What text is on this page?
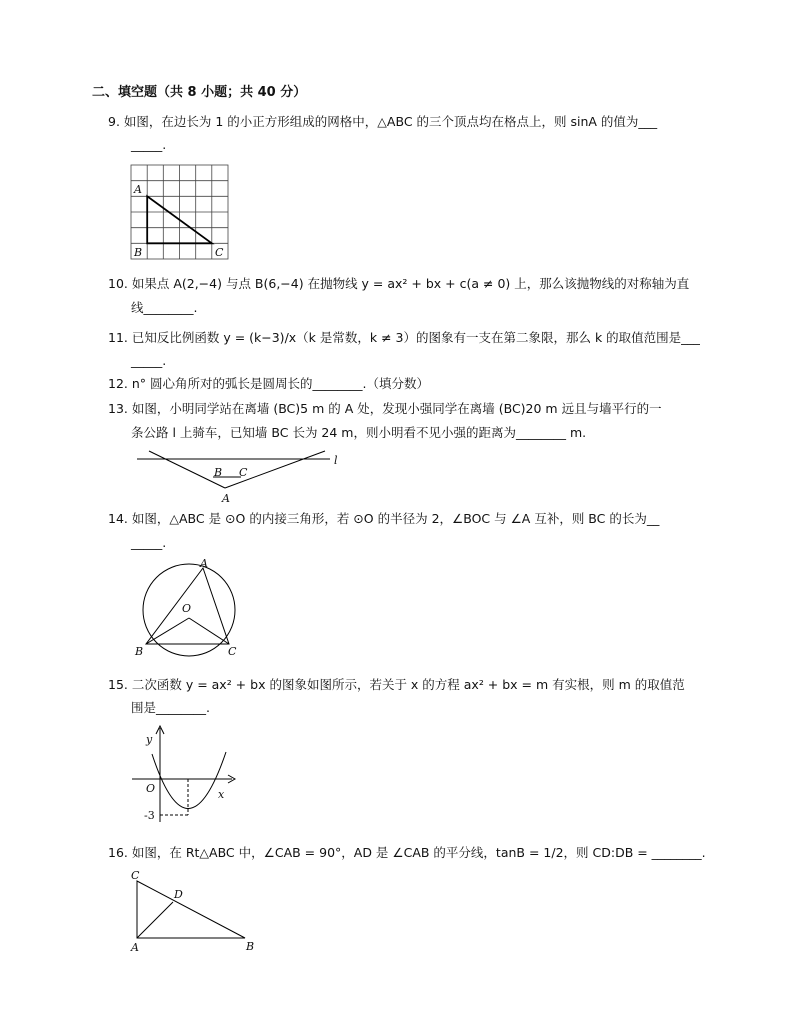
二、填空题（共 8 小题；共 40 分）
9. 如图，在边长为 1 的小正方形组成的网格中，△ABC 的三个顶点均在格点上，则 sinA 的值为___
_____.
A
B	C
10. 如果点 A(2,−4) 与点 B(6,−4) 在抛物线 y = ax² + bx + c(a ≠ 0) 上，那么该抛物线的对称轴为直
线________.
11. 已知反比例函数 y = (k−3)/x（k 是常数，k ≠ 3）的图象有一支在第二象限，那么 k 的取值范围是___
_____.
12. n° 圆心角所对的弧长是圆周长的________.（填分数）
13. 如图，小明同学站在离墙 (BC)5 m 的 A 处，发现小强同学在离墙 (BC)20 m 远且与墙平行的一
条公路 l 上骑车，已知墙 BC 长为 24 m，则小明看不见小强的距离为________ m.
l
B C
A
14. 如图，△ABC 是 ⊙O 的内接三角形，若 ⊙O 的半径为 2，∠BOC 与 ∠A 互补，则 BC 的长为__
_____.
A
O
B	C
15. 二次函数 y = ax² + bx 的图象如图所示，若关于 x 的方程 ax² + bx = m 有实根，则 m 的取值范
围是________.
y
O	x
-3
16. 如图，在 Rt△ABC 中，∠CAB = 90°，AD 是 ∠CAB 的平分线，tanB = 1/2，则 CD:DB = ________.
C
D
A	B
